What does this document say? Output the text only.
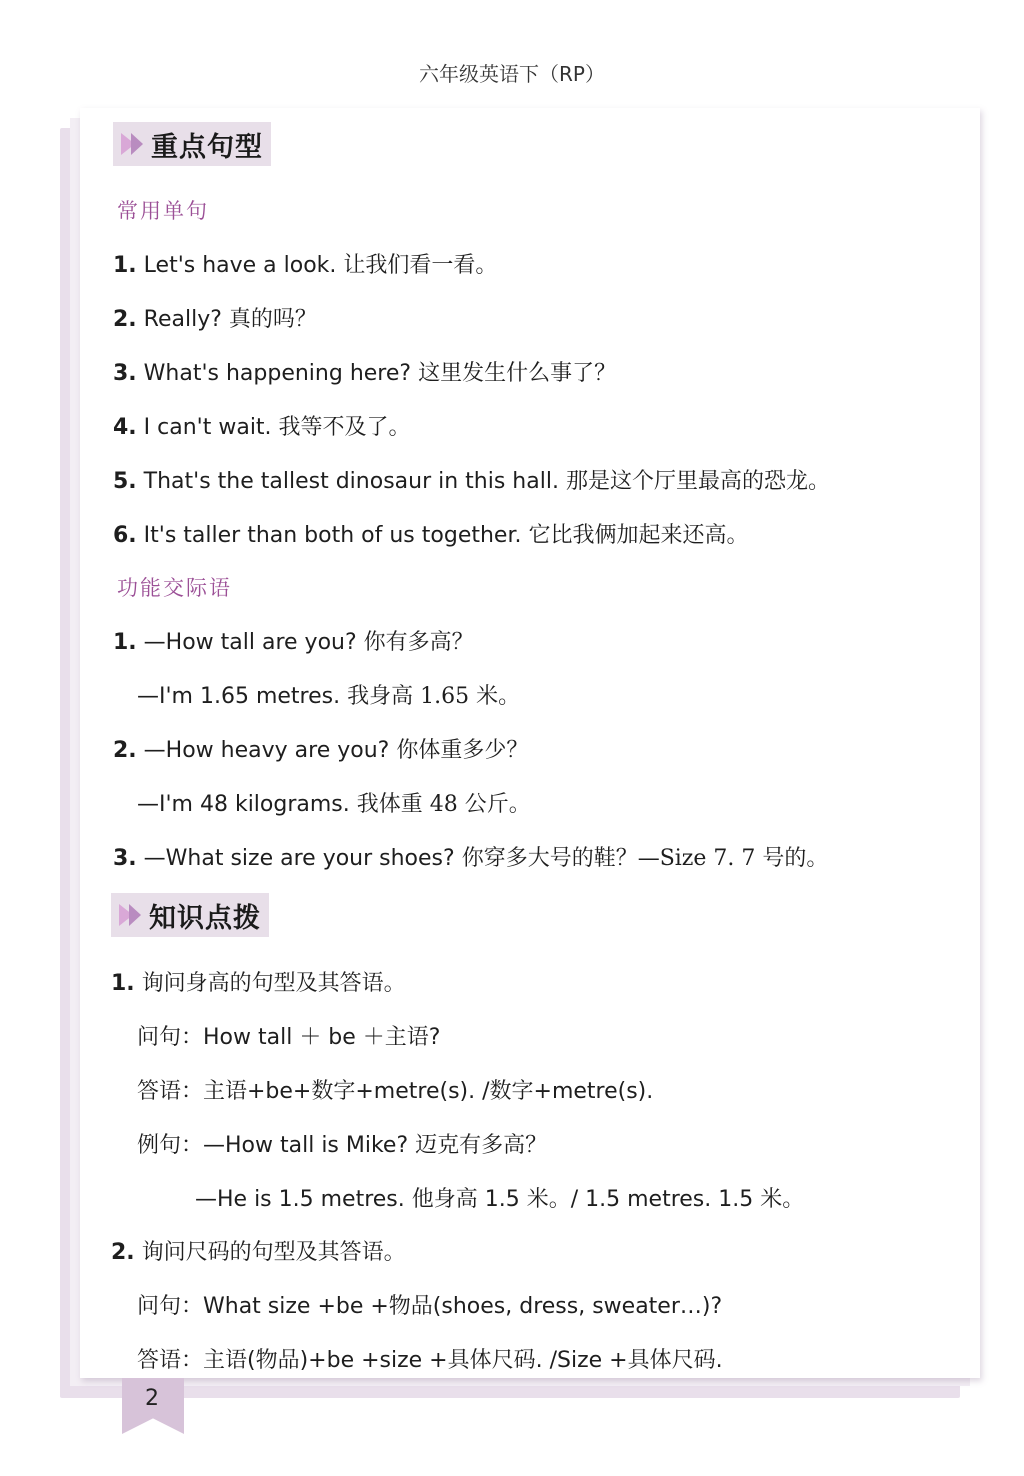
六年级英语下（RP）
重点句型
常用单句
1. Let's have a look. 让我们看一看。
2. Really? 真的吗？
3. What's happening here? 这里发生什么事了？
4. I can't wait. 我等不及了。
5. That's the tallest dinosaur in this hall. 那是这个厅里最高的恐龙。
6. It's taller than both of us together. 它比我俩加起来还高。
功能交际语
1. —How tall are you? 你有多高？
—I'm 1.65 metres. 我身高 1.65 米。
2. —How heavy are you? 你体重多少？
—I'm 48 kilograms. 我体重 48 公斤。
3. —What size are your shoes? 你穿多大号的鞋？—Size 7. 7 号的。
知识点拨
1. 询问身高的句型及其答语。
问句：How tall ＋ be ＋主语?
答语：主语+be+数字+metre(s). /数字+metre(s).
例句：—How tall is Mike? 迈克有多高？
—He is 1.5 metres. 他身高 1.5 米。/ 1.5 metres. 1.5 米。
2. 询问尺码的句型及其答语。
问句：What size +be +物品(shoes, dress, sweater…)?
答语：主语(物品)+be +size +具体尺码. /Size +具体尺码.
2
